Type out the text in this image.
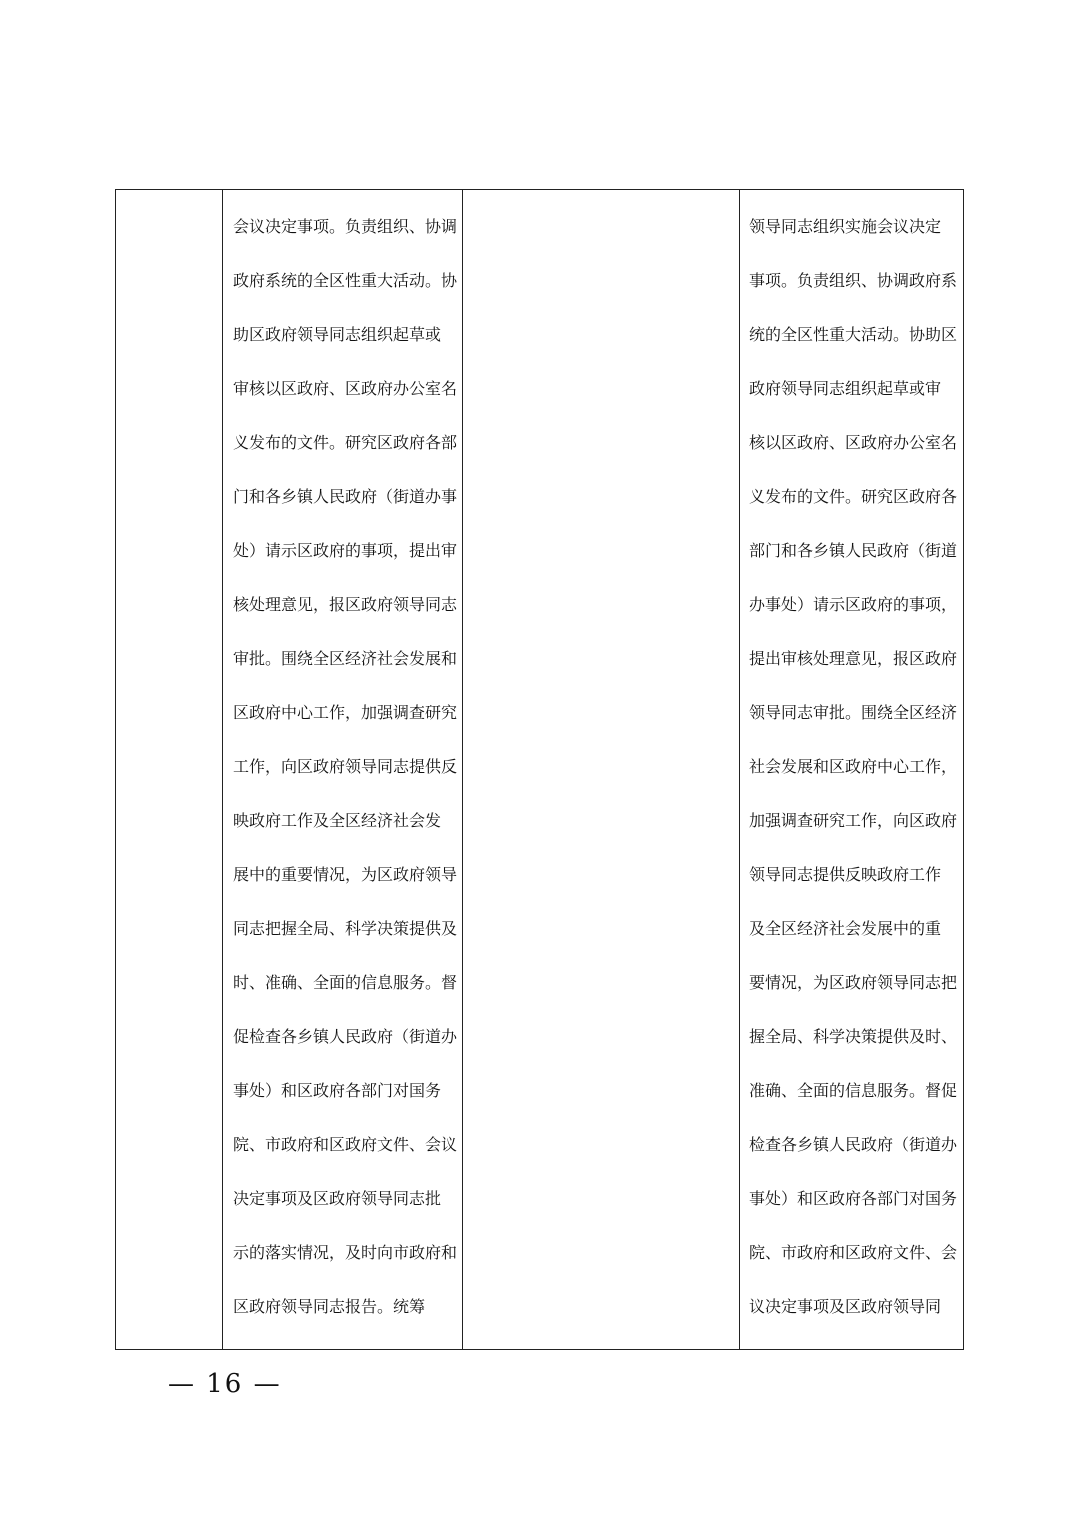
会议决定事项。负责组织、协调
政府系统的全区性重大活动。协
助区政府领导同志组织起草或
审核以区政府、区政府办公室名
义发布的文件。研究区政府各部
门和各乡镇人民政府（街道办事
处）请示区政府的事项，提出审
核处理意见，报区政府领导同志
审批。围绕全区经济社会发展和
区政府中心工作，加强调查研究
工作，向区政府领导同志提供反
映政府工作及全区经济社会发
展中的重要情况，为区政府领导
同志把握全局、科学决策提供及
时、准确、全面的信息服务。督
促检查各乡镇人民政府（街道办
事处）和区政府各部门对国务
院、市政府和区政府文件、会议
决定事项及区政府领导同志批
示的落实情况，及时向市政府和
区政府领导同志报告。统筹

领导同志组织实施会议决定
事项。负责组织、协调政府系
统的全区性重大活动。协助区
政府领导同志组织起草或审
核以区政府、区政府办公室名
义发布的文件。研究区政府各
部门和各乡镇人民政府（街道
办事处）请示区政府的事项，
提出审核处理意见，报区政府
领导同志审批。围绕全区经济
社会发展和区政府中心工作，
加强调查研究工作，向区政府
领导同志提供反映政府工作
及全区经济社会发展中的重
要情况，为区政府领导同志把
握全局、科学决策提供及时、
准确、全面的信息服务。督促
检查各乡镇人民政府（街道办
事处）和区政府各部门对国务
院、市政府和区政府文件、会
议决定事项及区政府领导同
— 16 —
